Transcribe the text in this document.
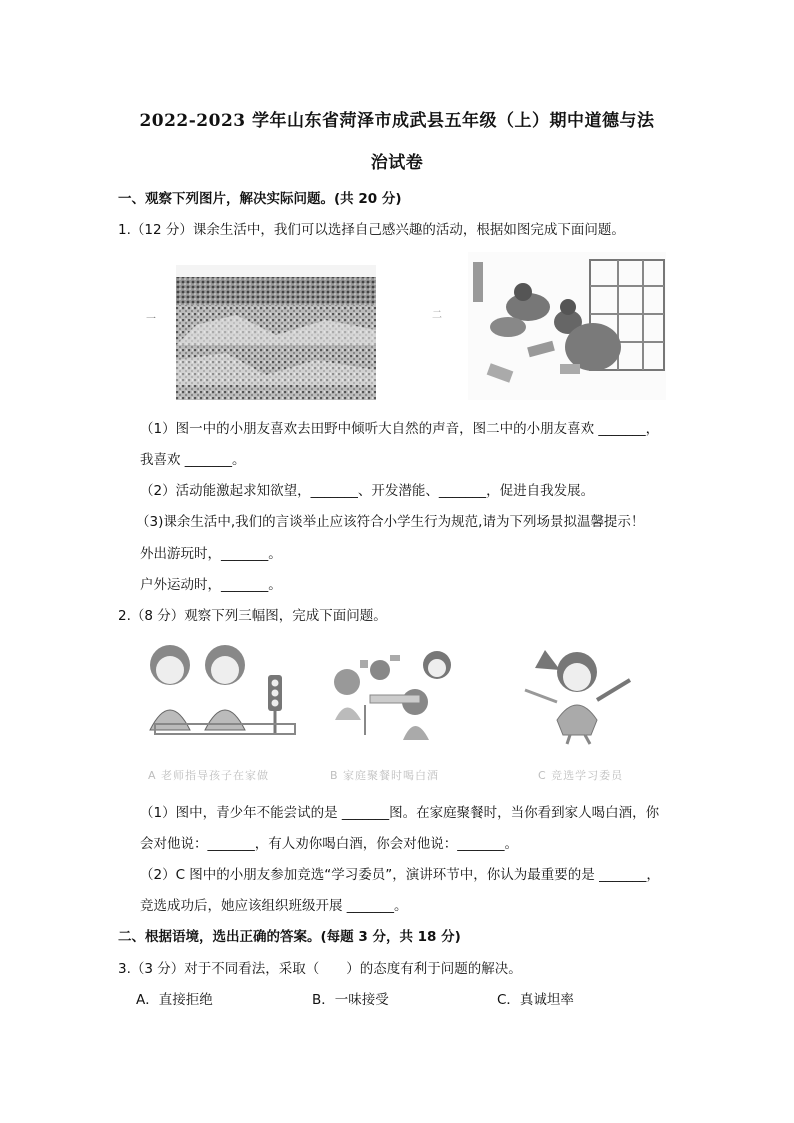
2022-2023 学年山东省菏泽市成武县五年级（上）期中道德与法
治试卷
一、观察下列图片，解决实际问题。(共 20 分)
1.（12 分）课余生活中，我们可以选择自己感兴趣的活动，根据如图完成下面问题。
一	二
（1）图一中的小朋友喜欢去田野中倾听大自然的声音，图二中的小朋友喜欢 _______，
我喜欢 _______。
（2）活动能激起求知欲望，_______、开发潜能、_______，促进自我发展。
（3)课余生活中,我们的言谈举止应该符合小学生行为规范,请为下列场景拟温馨提示！
外出游玩时，_______。
户外运动时，_______。
2.（8 分）观察下列三幅图，完成下面问题。
A 老师指导孩子在家做	B 家庭聚餐时喝白酒	C 竞选学习委员
（1）图中，青少年不能尝试的是 _______图。在家庭聚餐时，当你看到家人喝白酒，你
会对他说：_______，有人劝你喝白酒，你会对他说：_______。
（2）C 图中的小朋友参加竞选“学习委员”，演讲环节中，你认为最重要的是 _______，
竞选成功后，她应该组织班级开展 _______。
二、根据语境，选出正确的答案。(每题 3 分，共 18 分)
3.（3 分）对于不同看法，采取（　　）的态度有利于问题的解决。
A．直接拒绝	B．一味接受	C．真诚坦率
